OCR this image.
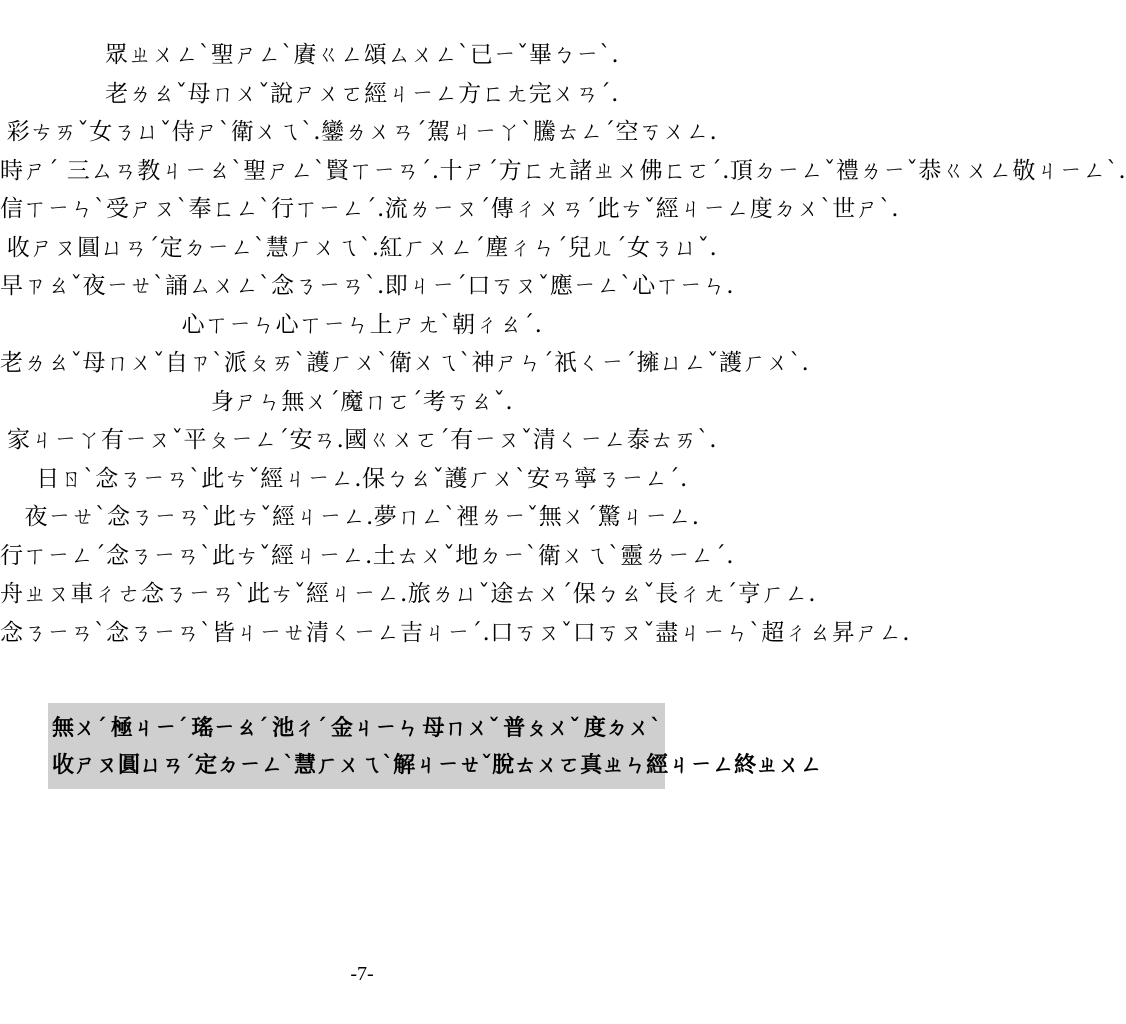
眾ㄓㄨㄥˋ聖ㄕㄥˋ賡ㄍㄥ頌ㄙㄨㄥˋ已ㄧˇ畢ㄅㄧˋ.
老ㄌㄠˇ母ㄇㄨˇ說ㄕㄨㄛ經ㄐㄧㄥ方ㄈㄤ完ㄨㄢˊ.
彩ㄘㄞˇ女ㄋㄩˇ侍ㄕˋ衛ㄨㄟˋ.鑾ㄌㄨㄢˊ駕ㄐㄧㄚˋ騰ㄊㄥˊ空ㄎㄨㄥ.
時ㄕˊ 三ㄙㄢ教ㄐㄧㄠˋ聖ㄕㄥˋ賢ㄒㄧㄢˊ.十ㄕˊ方ㄈㄤ諸ㄓㄨ佛ㄈㄛˊ.頂ㄉㄧㄥˇ禮ㄌㄧˇ恭ㄍㄨㄥ敬ㄐㄧㄥˋ.
信ㄒㄧㄣˋ受ㄕㄡˋ奉ㄈㄥˋ行ㄒㄧㄥˊ.流ㄌㄧㄡˊ傳ㄔㄨㄢˊ此ㄘˇ經ㄐㄧㄥ度ㄉㄨˋ世ㄕˋ.
收ㄕㄡ圓ㄩㄢˊ定ㄉㄧㄥˋ慧ㄏㄨㄟˋ.紅ㄏㄨㄥˊ塵ㄔㄣˊ兒ㄦˊ女ㄋㄩˇ.
早ㄗㄠˇ夜ㄧㄝˋ誦ㄙㄨㄥˋ念ㄋㄧㄢˋ.即ㄐㄧˊ口ㄎㄡˇ應ㄧㄥˋ心ㄒㄧㄣ.
心ㄒㄧㄣ心ㄒㄧㄣ上ㄕㄤˋ朝ㄔㄠˊ.
老ㄌㄠˇ母ㄇㄨˇ自ㄗˋ派ㄆㄞˋ護ㄏㄨˋ衛ㄨㄟˋ神ㄕㄣˊ祇ㄑㄧˊ擁ㄩㄥˇ護ㄏㄨˋ.
身ㄕㄣ無ㄨˊ魔ㄇㄛˊ考ㄎㄠˇ.
家ㄐㄧㄚ有ㄧㄡˇ平ㄆㄧㄥˊ安ㄢ.國ㄍㄨㄛˊ有ㄧㄡˇ清ㄑㄧㄥ泰ㄊㄞˋ.
日ㄖˋ念ㄋㄧㄢˋ此ㄘˇ經ㄐㄧㄥ.保ㄅㄠˇ護ㄏㄨˋ安ㄢ寧ㄋㄧㄥˊ.
夜ㄧㄝˋ念ㄋㄧㄢˋ此ㄘˇ經ㄐㄧㄥ.夢ㄇㄥˋ裡ㄌㄧˇ無ㄨˊ驚ㄐㄧㄥ.
行ㄒㄧㄥˊ念ㄋㄧㄢˋ此ㄘˇ經ㄐㄧㄥ.土ㄊㄨˇ地ㄉㄧˋ衛ㄨㄟˋ靈ㄌㄧㄥˊ.
舟ㄓㄡ車ㄔㄜ念ㄋㄧㄢˋ此ㄘˇ經ㄐㄧㄥ.旅ㄌㄩˇ途ㄊㄨˊ保ㄅㄠˇ長ㄔㄤˊ亨ㄏㄥ.
念ㄋㄧㄢˋ念ㄋㄧㄢˋ皆ㄐㄧㄝ清ㄑㄧㄥ吉ㄐㄧˊ.口ㄎㄡˇ口ㄎㄡˇ盡ㄐㄧㄣˋ超ㄔㄠ昇ㄕㄥ.
無ㄨˊ 極ㄐㄧˊ 瑤ㄧㄠˊ 池ㄔˊ 金ㄐㄧㄣ 母ㄇㄨˇ 普ㄆㄨˇ 度ㄉㄨˋ
收ㄕㄡ 圓ㄩㄢˊ 定ㄉㄧㄥˋ 慧ㄏㄨㄟˋ 解ㄐㄧㄝˇ 脫ㄊㄨㄛ 真ㄓㄣ 經ㄐㄧㄥ 終ㄓㄨㄥ
-7-
